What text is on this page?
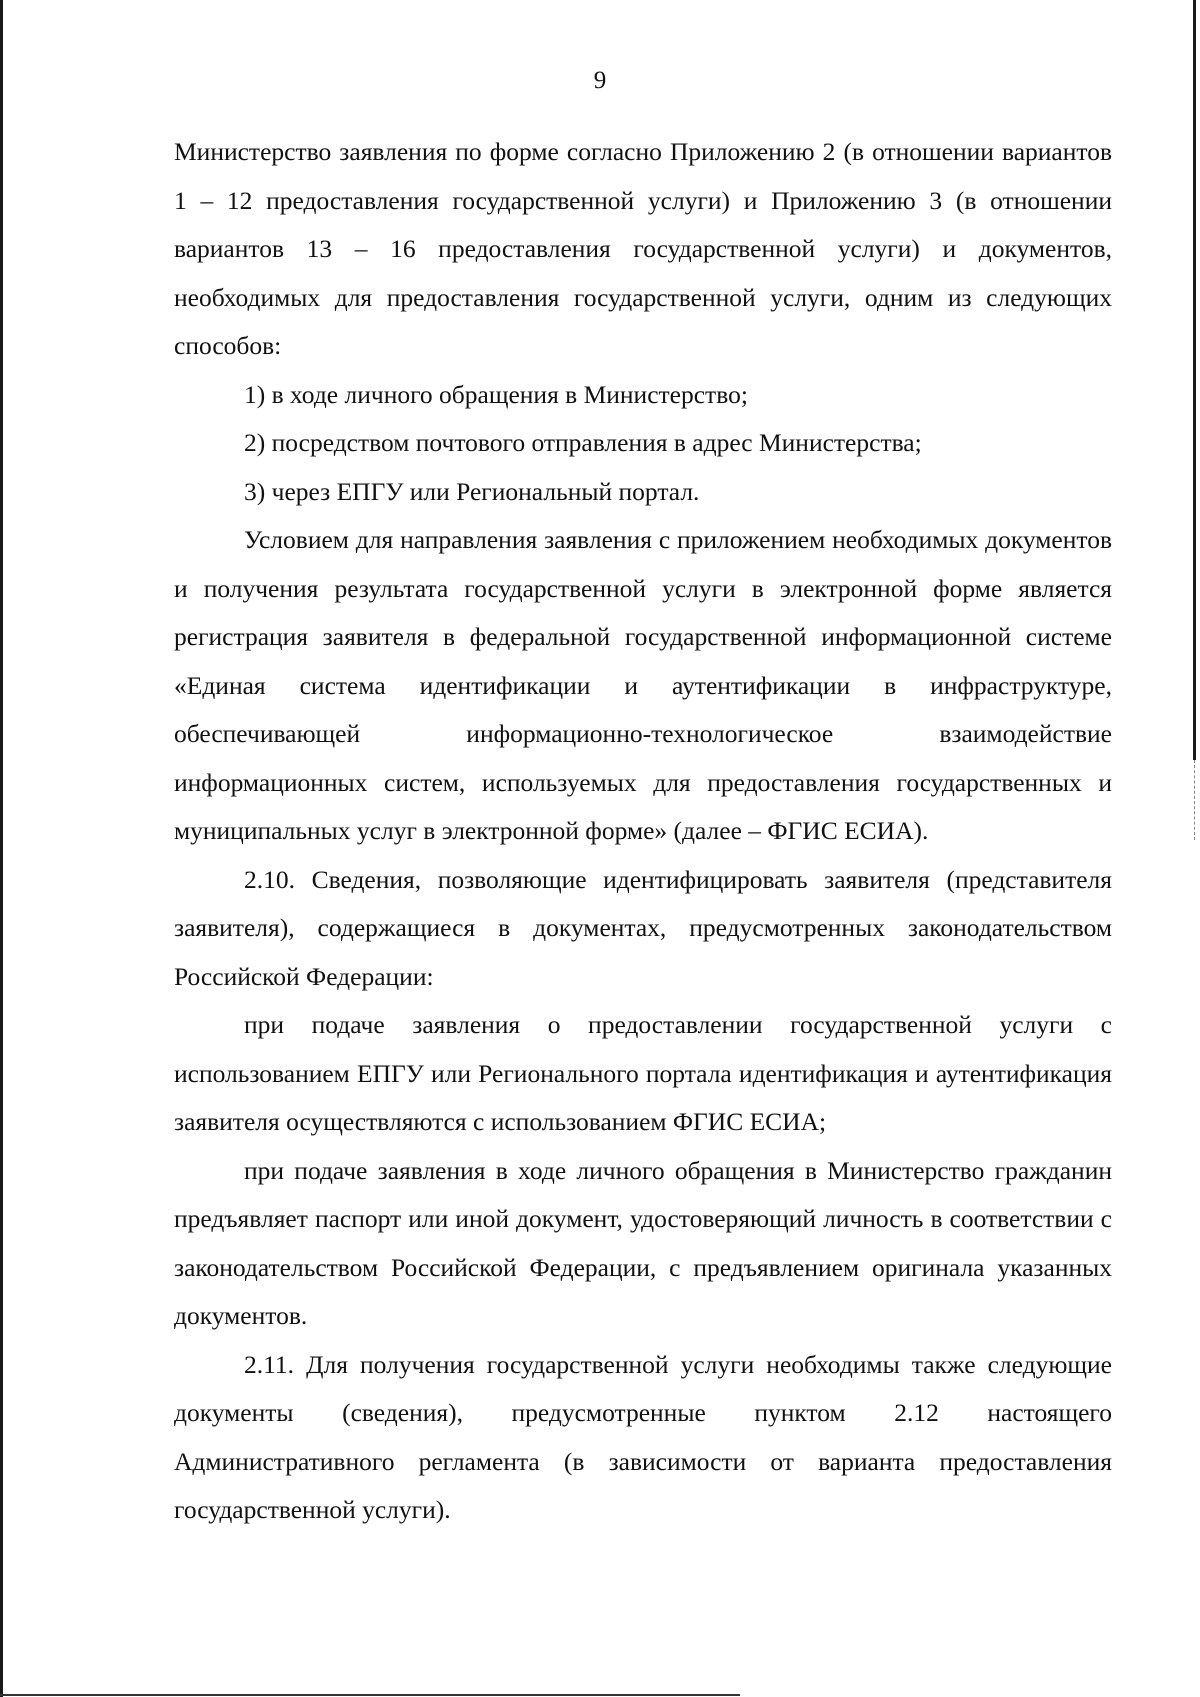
9

Министерство заявления по форме согласно Приложению 2 (в отношении вариантов 1 – 12 предоставления государственной услуги) и Приложению 3 (в отношении вариантов 13 – 16 предоставления государственной услуги) и документов, необходимых для предоставления государственной услуги, одним из следующих способов:

1) в ходе личного обращения в Министерство;

2) посредством почтового отправления в адрес Министерства;

3) через ЕПГУ или Региональный портал.

Условием для направления заявления с приложением необходимых документов и получения результата государственной услуги в электронной форме является регистрация заявителя в федеральной государственной информационной системе «Единая система идентификации и аутентификации в инфраструктуре, обеспечивающей информационно-технологическое взаимодействие информационных систем, используемых для предоставления государственных и муниципальных услуг в электронной форме» (далее – ФГИС ЕСИА).

2.10. Сведения, позволяющие идентифицировать заявителя (представителя заявителя), содержащиеся в документах, предусмотренных законодательством Российской Федерации:

при подаче заявления о предоставлении государственной услуги с использованием ЕПГУ или Регионального портала идентификация и аутентификация заявителя осуществляются с использованием ФГИС ЕСИА;

при подаче заявления в ходе личного обращения в Министерство гражданин предъявляет паспорт или иной документ, удостоверяющий личность в соответствии с законодательством Российской Федерации, с предъявлением оригинала указанных документов.

2.11. Для получения государственной услуги необходимы также следующие документы (сведения), предусмотренные пунктом 2.12 настоящего Административного регламента (в зависимости от варианта предоставления государственной услуги).
